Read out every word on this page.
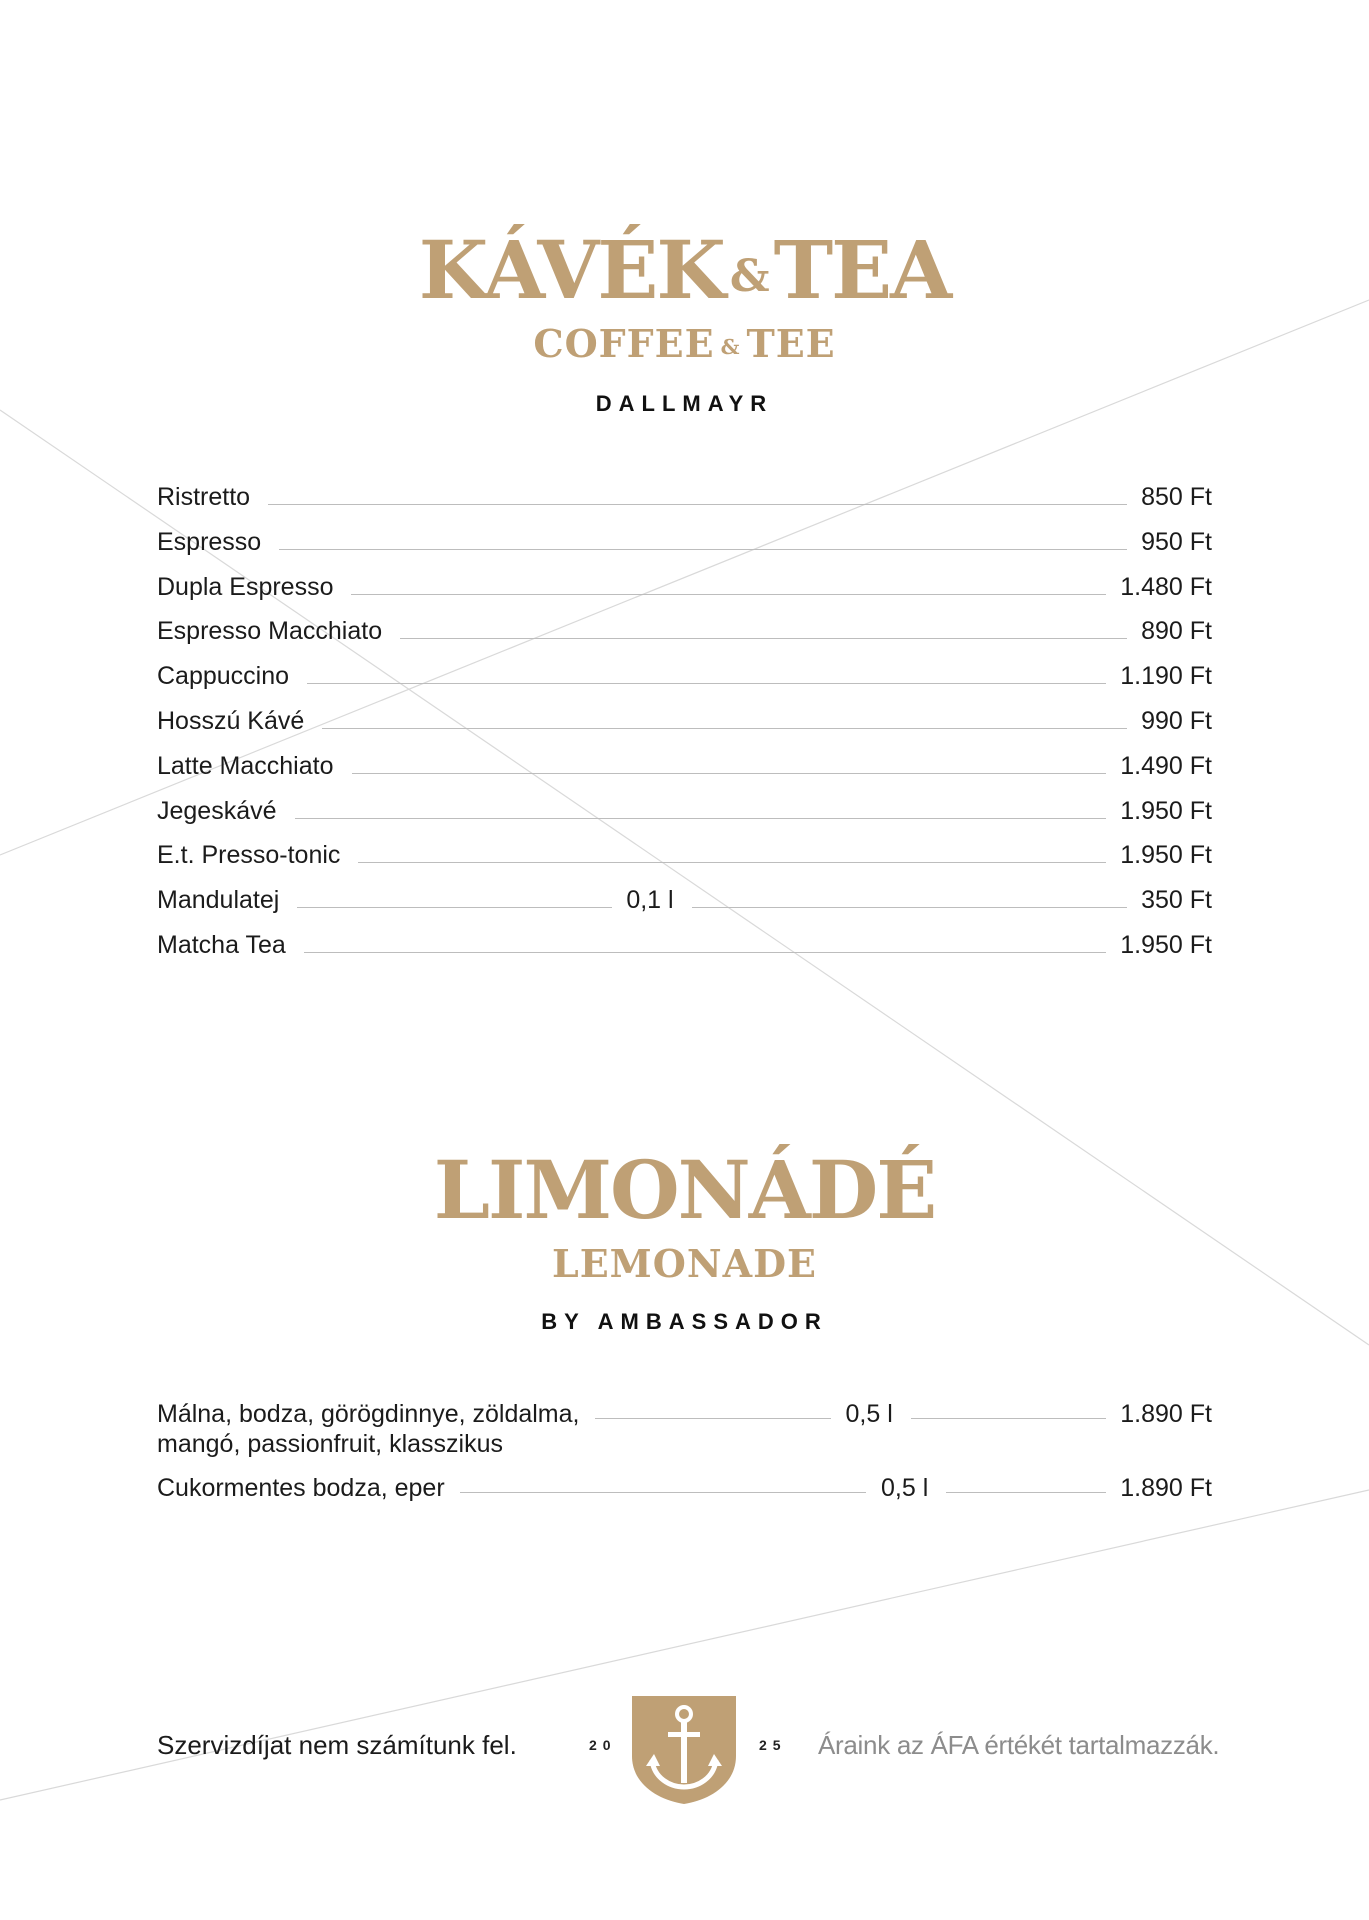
KÁVÉK &TEA
COFFEE & TEE
DALLMAYR
Ristretto	850 Ft
Espresso	950 Ft
Dupla Espresso	1.480 Ft
Espresso Macchiato	890 Ft
Cappuccino	1.190 Ft
Hosszú Kávé	990 Ft
Latte Macchiato	1.490 Ft
Jegeskávé	1.950 Ft
E.t. Presso-tonic	1.950 Ft
Mandulatej	0,1 l	350 Ft
Matcha Tea	1.950 Ft
LIMONÁDÉ
LEMONADE
BY AMBASSADOR
Málna, bodza, görögdinnye, zöldalma,
mangó, passionfruit, klasszikus
0,5 l	1.890 Ft
Cukormentes bodza, eper	0,5 l	1.890 Ft
Szervizdíjat nem számítunk fel.	20	25 Áraink az ÁFA értékét tartalmazzák.
